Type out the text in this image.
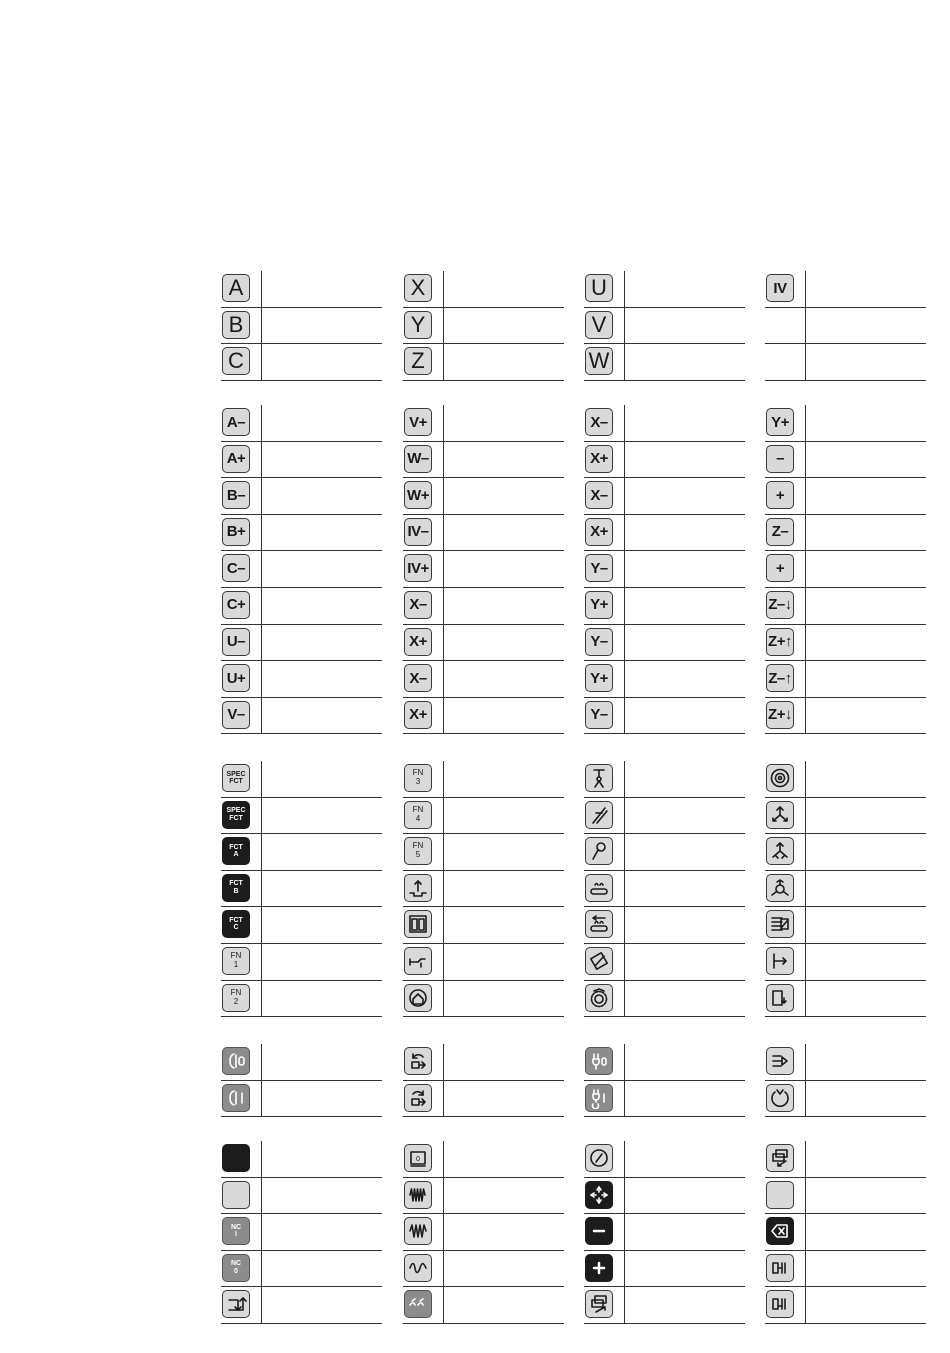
A
B
C
X
Y
Z
U
V
W
IV
A–
A+
B–
B+
C–
C+
U–
U+
V–
V+
W–
W+
IV–
IV+
X–
X+
X–
X+
X–
X+
X–
X+
Y–
Y+
Y–
Y+
Y–
Y+
–
+
Z–
+
Z–↓
Z+↑
Z–↑
Z+↓
SPEC
FCT
SPEC
FCT
FCT
A
FCT
B
FCT
C
FN
1
FN
2
FN
3
FN
4
FN
5
NC
I
NC
0
0
